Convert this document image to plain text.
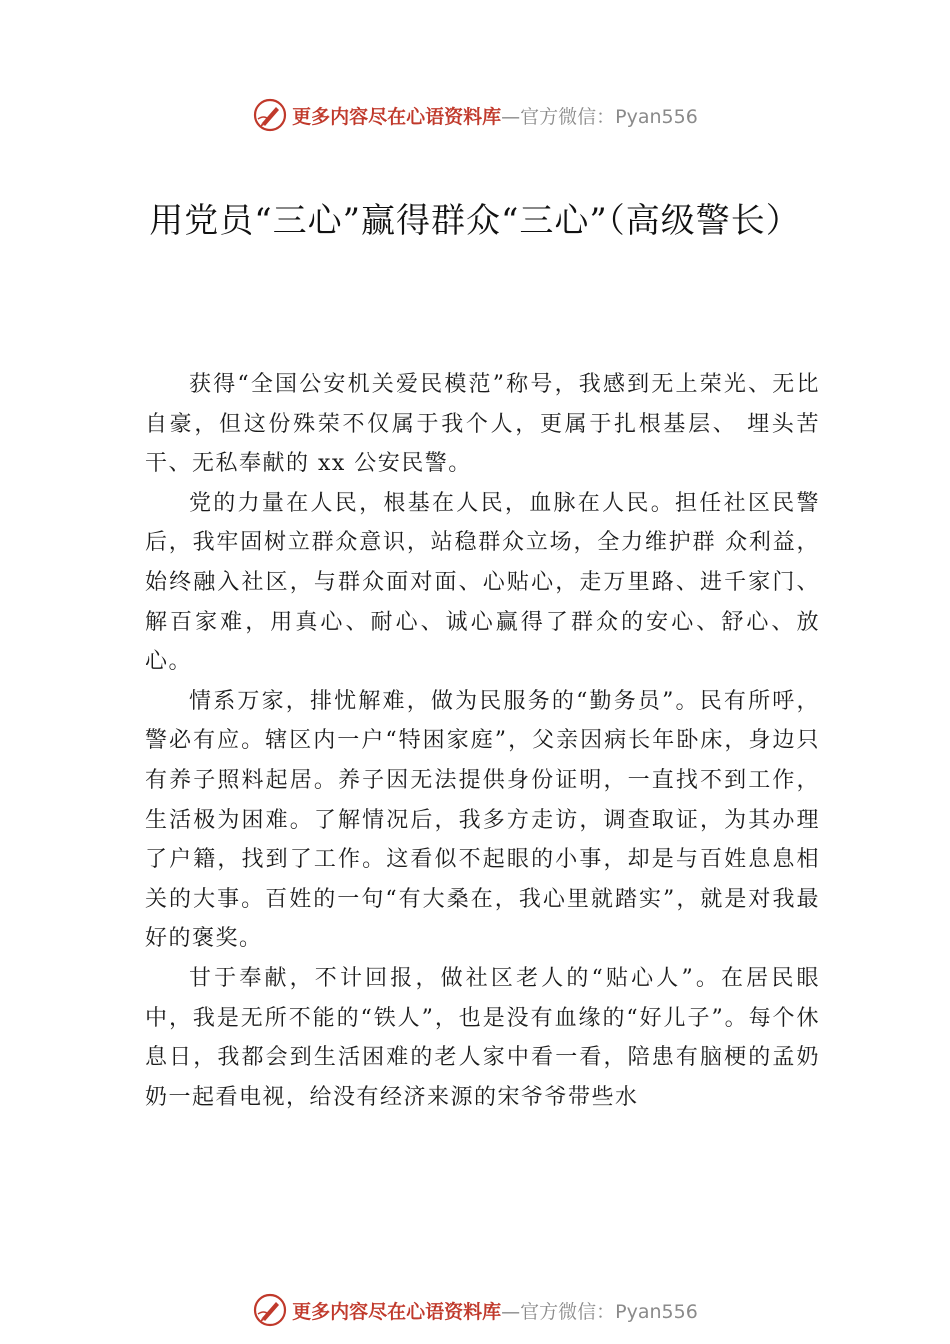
更多内容尽在心语资料库 —官方微信：Pyan556
用党员“三心”赢得群众“三心”（高级警长）

获得“全国公安机关爱民模范”称号，我感到无上荣光、无比自豪，但这份殊荣不仅属于我个人，更属于扎根基层、 埋头苦干、无私奉献的 xx 公安民警。

党的力量在人民，根基在人民，血脉在人民。担任社区民警后，我牢固树立群众意识，站稳群众立场，全力维护群 众利益，始终融入社区，与群众面对面、心贴心，走万里路、进千家门、解百家难，用真心、耐心、诚心赢得了群众的安心、舒心、放心。

情系万家，排忧解难，做为民服务的“勤务员”。民有所呼，警必有应。辖区内一户“特困家庭”，父亲因病长年卧床，身边只有养子照料起居。养子因无法提供身份证明，一直找不到工作，生活极为困难。了解情况后，我多方走访，调查取证，为其办理了户籍，找到了工作。这看似不起眼的小事，却是与百姓息息相关的大事。百姓的一句“有大桑在，我心里就踏实”，就是对我最好的褒奖。

甘于奉献，不计回报，做社区老人的“贴心人”。在居民眼中，我是无所不能的“铁人”，也是没有血缘的“好儿子”。每个休息日，我都会到生活困难的老人家中看一看，陪患有脑梗的孟奶奶一起看电视，给没有经济来源的宋爷爷带些水

更多内容尽在心语资料库 —官方微信：Pyan556
